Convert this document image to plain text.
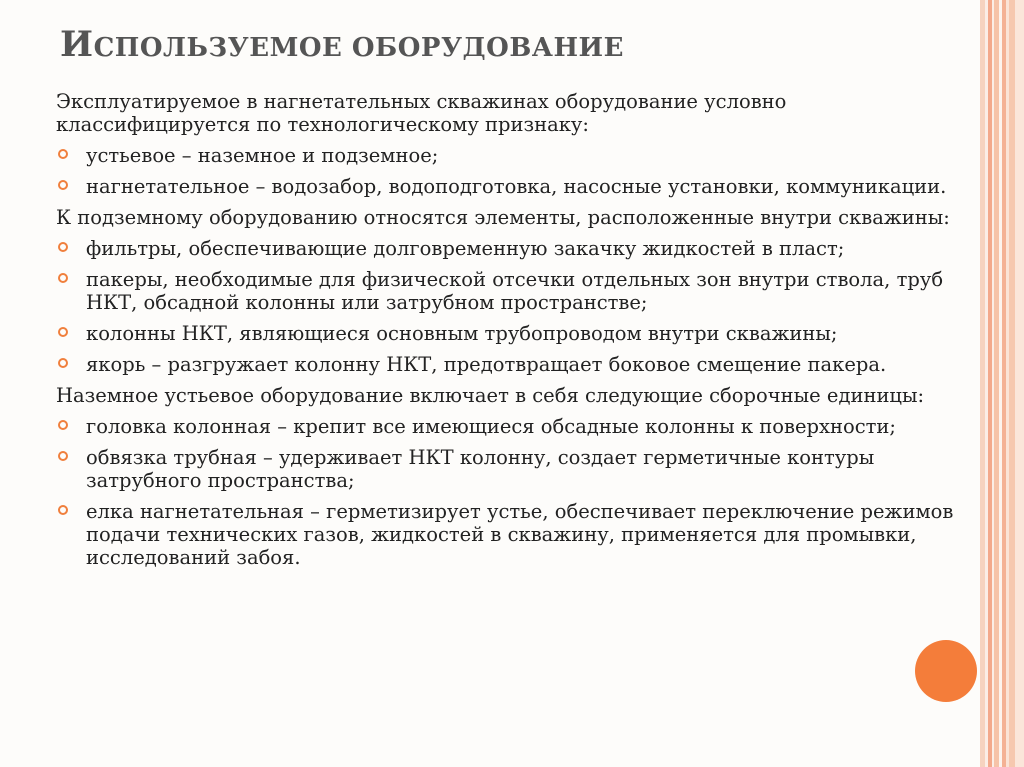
ИСПОЛЬЗУЕМОЕ ОБОРУДОВАНИЕ

Эксплуатируемое в нагнетательных скважинах оборудование условно классифицируется по технологическому признаку:

устьевое – наземное и подземное;
нагнетательное – водозабор, водоподготовка, насосные установки, коммуникации.

К подземному оборудованию относятся элементы, расположенные внутри скважины:

фильтры, обеспечивающие долговременную закачку жидкостей в пласт;
пакеры, необходимые для физической отсечки отдельных зон внутри ствола, труб НКТ, обсадной колонны или затрубном пространстве;
колонны НКТ, являющиеся основным трубопроводом внутри скважины;
якорь – разгружает колонну НКТ, предотвращает боковое смещение пакера.

Наземное устьевое оборудование включает в себя следующие сборочные единицы:

головка колонная – крепит все имеющиеся обсадные колонны к поверхности;
обвязка трубная – удерживает НКТ колонну, создает герметичные контуры затрубного пространства;
елка нагнетательная – герметизирует устье, обеспечивает переключение режимов подачи технических газов, жидкостей в скважину, применяется для промывки, исследований забоя.
